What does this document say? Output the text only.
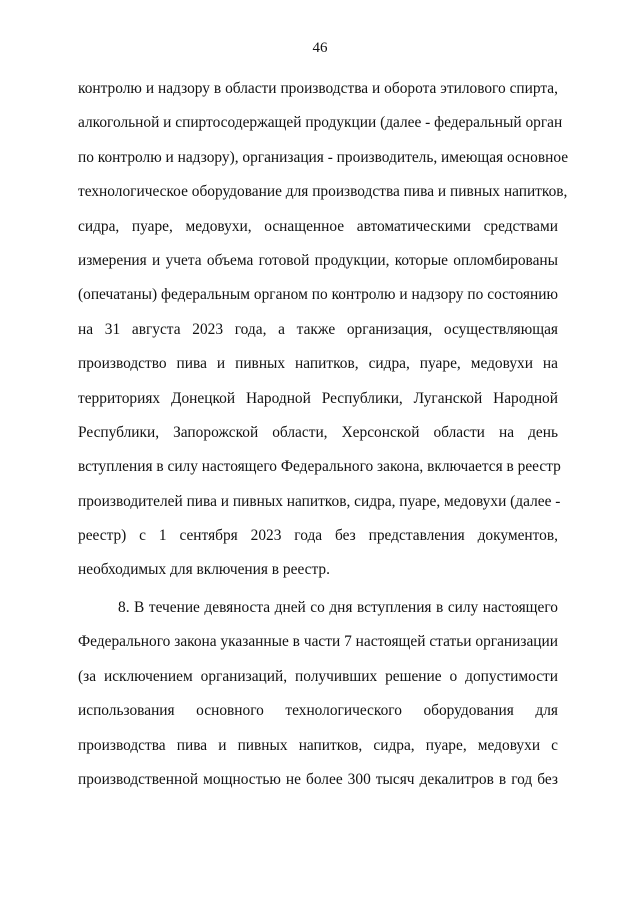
46
контролю и надзору в области производства и оборота этилового спирта,
алкогольной и спиртосодержащей продукции (далее - федеральный орган
по контролю и надзору), организация - производитель, имеющая основное
технологическое оборудование для производства пива и пивных напитков,
сидра, пуаре, медовухи, оснащенное автоматическими средствами
измерения и учета объема готовой продукции, которые опломбированы
(опечатаны) федеральным органом по контролю и надзору по состоянию
на 31 августа 2023 года, а также организация, осуществляющая
производство пива и пивных напитков, сидра, пуаре, медовухи на
территориях Донецкой Народной Республики, Луганской Народной
Республики, Запорожской области, Херсонской области на день
вступления в силу настоящего Федерального закона, включается в реестр
производителей пива и пивных напитков, сидра, пуаре, медовухи (далее -
реестр) с 1 сентября 2023 года без представления документов,
необходимых для включения в реестр.
8. В течение девяноста дней со дня вступления в силу настоящего
Федерального закона указанные в части 7 настоящей статьи организации
(за исключением организаций, получивших решение о допустимости
использования основного технологического оборудования для
производства пива и пивных напитков, сидра, пуаре, медовухи с
производственной мощностью не более 300 тысяч декалитров в год без
